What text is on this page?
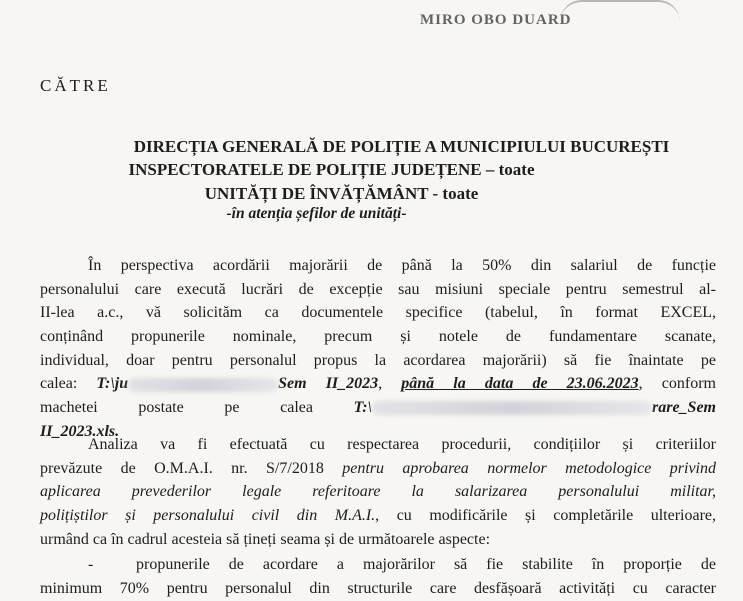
MIRO OBO DUARD
CĂTRE
DIRECȚIA GENERALĂ DE POLIȚIE A MUNICIPIULUI BUCUREȘTI
INSPECTORATELE DE POLIȚIE JUDEȚENE – toate
UNITĂȚI DE ÎNVĂȚĂMÂNT - toate
-în atenția șefilor de unități-
În perspectiva acordării majorării de până la 50% din salariul de funcție
personalului care execută lucrări de excepție sau misiuni speciale pentru semestrul al-
II-lea a.c., vă solicităm ca documentele specifice (tabelul, în format EXCEL,
conținând propunerile nominale, precum și notele de fundamentare scanate,
individual, doar pentru personalul propus la acordarea majorării) să fie înaintate pe
calea: T:\ju	Sem II_2023, până la data de 23.06.2023, conform
machetei postate pe calea T:\	rare_Sem
II_2023.xls.
Analiza va fi efectuată cu respectarea procedurii, condițiilor și criteriilor
prevăzute de O.M.A.I. nr. S/7/2018 pentru aprobarea normelor metodologice privind
aplicarea prevederilor legale referitoare la salarizarea personalului militar,
polițiștilor și personalului civil din M.A.I., cu modificările și completările ulterioare,
urmând ca în cadrul acesteia să țineți seama și de următoarele aspecte:
-	propunerile de acordare a majorărilor să fie stabilite în proporție de
minimum 70% pentru personalul din structurile care desfășoară activități cu caracter
